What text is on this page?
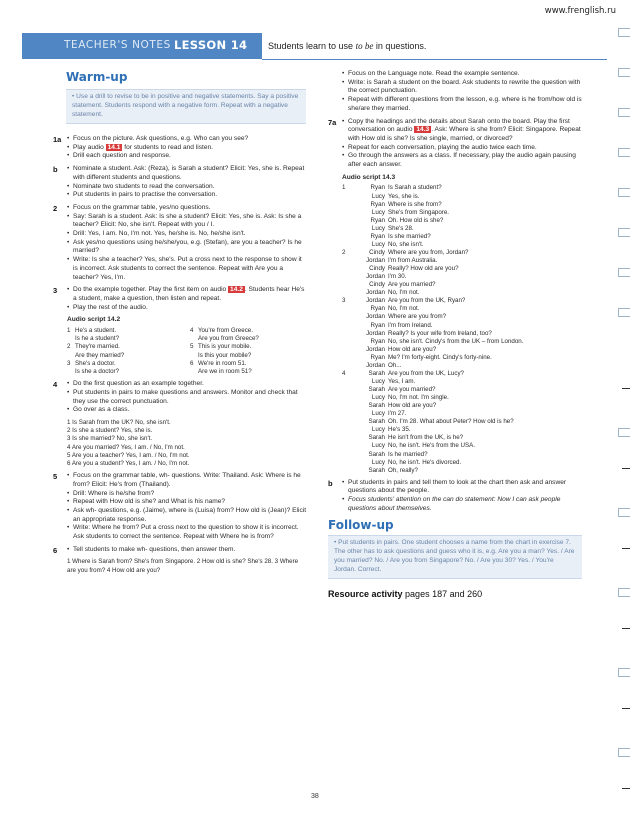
www.frenglish.ru
TEACHER'S NOTES LESSON 14 Students learn to use to be in questions.
Warm-up
• Use a drill to revise to be in positive and negative statements. Say a positive statement. Students respond with a negative form. Repeat with a negative statement.
1a	• Focus on the picture. Ask questions, e.g. Who can you see?
• Play audio 14.1 for students to read and listen.
• Drill each question and response.
b	• Nominate a student. Ask: (Reza), is Sarah a student? Elicit: Yes, she is. Repeat with different students and questions.
• Nominate two students to read the conversation.
• Put students in pairs to practise the conversation.
2	• Focus on the grammar table, yes/no questions.
• Say: Sarah is a student. Ask: Is she a student? Elicit: Yes, she is. Ask: Is she a teacher? Elicit: No, she isn't. Repeat with you / I.
• Drill: Yes, I am. No, I'm not. Yes, he/she is. No, he/she isn't.
• Ask yes/no questions using he/she/you, e.g. (Stefan), are you a teacher? Is he married?
• Write: Is she a teacher? Yes, she's. Put a cross next to the response to show it is incorrect. Ask students to correct the sentence. Repeat with Are you a teacher? Yes, I'm.
3	• Do the example together. Play the first item on audio 14.2 . Students hear He's a student, make a question, then listen and repeat.
• Play the rest of the audio.
Audio script 14.2
1 He's a student.
Is he a student?
2 They're married.
Are they married?
3 She's a doctor.
Is she a doctor?
4 You're from Greece.
Are you from Greece?
5 This is your mobile.
Is this your mobile?
6 We're in room 51.
Are we in room 51?
4	• Do the first question as an example together.
• Put students in pairs to make questions and answers. Monitor and check that they use the correct punctuation.
• Go over as a class.
1 Is Sarah from the UK? No, she isn't.
2 Is she a student? Yes, she is.
3 Is she married? No, she isn't.
4 Are you married? Yes, I am. / No, I'm not.
5 Are you a teacher? Yes, I am. / No, I'm not.
6 Are you a student? Yes, I am. / No, I'm not.
5	• Focus on the grammar table, wh- questions. Write: Thailand. Ask: Where is he from? Elicit: He's from (Thailand).
• Drill: Where is he/she from?
• Repeat with How old is she? and What is his name?
• Ask wh- questions, e.g. (Jaime), where is (Luisa) from? How old is (Jean)? Elicit an appropriate response.
• Write: Where he from? Put a cross next to the question to show it is incorrect. Ask students to correct the sentence. Repeat with Where he is from?
6	• Tell students to make wh- questions, then answer them.
1 Where is Sarah from? She's from Singapore. 2 How old is she? She's 28. 3 Where are you from? 4 How old are you?
• Focus on the Language note. Read the example sentence.
• Write: is Sarah a student on the board. Ask students to rewrite the question with the correct punctuation.
• Repeat with different questions from the lesson, e.g. where is he from/how old is she/are they married.
7a	• Copy the headings and the details about Sarah onto the board. Play the first conversation on audio 14.3 . Ask: Where is she from? Elicit: Singapore. Repeat with How old is she? Is she single, married, or divorced?
• Repeat for each conversation, playing the audio twice each time.
• Go through the answers as a class. If necessary, play the audio again pausing after each answer.
Audio script 14.3
1	Ryan Is Sarah a student?
Lucy Yes, she is.
Ryan Where is she from?
Lucy She's from Singapore.
Ryan Oh. How old is she?
Lucy She's 28.
Ryan Is she married?
Lucy No, she isn't.
2	Cindy Where are you from, Jordan?
Jordan I'm from Australia.
Cindy Really? How old are you?
Jordan I'm 30.
Cindy Are you married?
Jordan No, I'm not.
3	Jordan Are you from the UK, Ryan?
Ryan No, I'm not.
Jordan Where are you from?
Ryan I'm from Ireland.
Jordan Really? Is your wife from Ireland, too?
Ryan No, she isn't. Cindy's from the UK – from London.
Jordan How old are you?
Ryan Me? I'm forty-eight. Cindy's forty-nine.
Jordan Oh...
4	Sarah Are you from the UK, Lucy?
Lucy Yes, I am.
Sarah Are you married?
Lucy No, I'm not. I'm single.
Sarah How old are you?
Lucy I'm 27.
Sarah Oh. I'm 28. What about Peter? How old is he?
Lucy He's 35.
Sarah He isn't from the UK, is he?
Lucy No, he isn't. He's from the USA.
Sarah Is he married?
Lucy No, he isn't. He's divorced.
Sarah Oh, really?
b	• Put students in pairs and tell them to look at the chart then ask and answer questions about the people.
• Focus students' attention on the can do statement: Now I can ask people questions about themselves.
Follow-up
• Put students in pairs. One student chooses a name from the chart in exercise 7. The other has to ask questions and guess who it is, e.g. Are you a man? Yes. / Are you married? No. / Are you from Singapore? No. / Are you 30? Yes. / You're Jordan. Correct.
Resource activity pages 187 and 260
38
